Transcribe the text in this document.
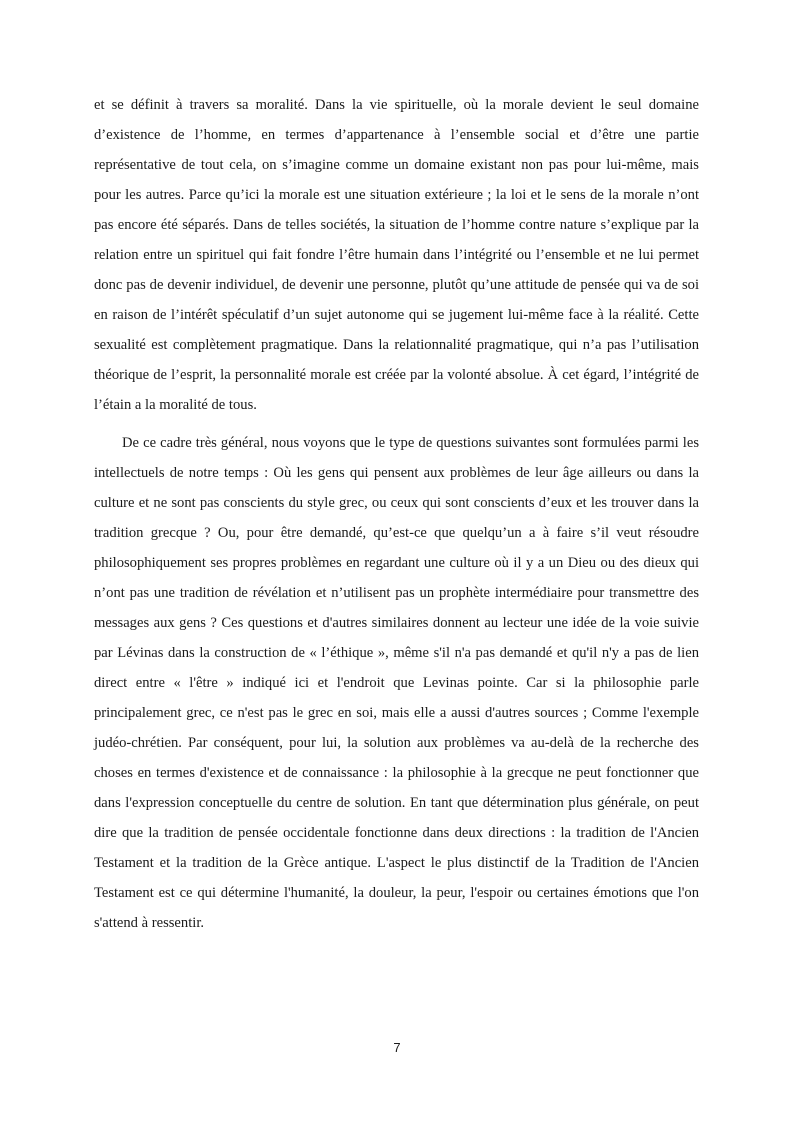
et se définit à travers sa moralité. Dans la vie spirituelle, où la morale devient le seul domaine d’existence de l’homme, en termes d’appartenance à l’ensemble social et d’être une partie représentative de tout cela, on s’imagine comme un domaine existant non pas pour lui-même, mais pour les autres. Parce qu’ici la morale est une situation extérieure ; la loi et le sens de la morale n’ont pas encore été séparés. Dans de telles sociétés, la situation de l’homme contre nature s’explique par la relation entre un spirituel qui fait fondre l’être humain dans l’intégrité ou l’ensemble et ne lui permet donc pas de devenir individuel, de devenir une personne, plutôt qu’une attitude de pensée qui va de soi en raison de l’intérêt spéculatif d’un sujet autonome qui se jugement lui-même face à la réalité. Cette sexualité est complètement pragmatique. Dans la relationnalité pragmatique, qui n’a pas l’utilisation théorique de l’esprit, la personnalité morale est créée par la volonté absolue. À cet égard, l’intégrité de l’étain a la moralité de tous.

De ce cadre très général, nous voyons que le type de questions suivantes sont formulées parmi les intellectuels de notre temps : Où les gens qui pensent aux problèmes de leur âge ailleurs ou dans la culture et ne sont pas conscients du style grec, ou ceux qui sont conscients d’eux et les trouver dans la tradition grecque ? Ou, pour être demandé, qu’est-ce que quelqu’un a à faire s’il veut résoudre philosophiquement ses propres problèmes en regardant une culture où il y a un Dieu ou des dieux qui n’ont pas une tradition de révélation et n’utilisent pas un prophète intermédiaire pour transmettre des messages aux gens ? Ces questions et d'autres similaires donnent au lecteur une idée de la voie suivie par Lévinas dans la construction de « l’éthique », même s'il n'a pas demandé et qu'il n'y a pas de lien direct entre « l'être » indiqué ici et l'endroit que Levinas pointe. Car si la philosophie parle principalement grec, ce n'est pas le grec en soi, mais elle a aussi d'autres sources ; Comme l'exemple judéo-chrétien. Par conséquent, pour lui, la solution aux problèmes va au-delà de la recherche des choses en termes d'existence et de connaissance : la philosophie à la grecque ne peut fonctionner que dans l'expression conceptuelle du centre de solution. En tant que détermination plus générale, on peut dire que la tradition de pensée occidentale fonctionne dans deux directions : la tradition de l'Ancien Testament et la tradition de la Grèce antique. L'aspect le plus distinctif de la Tradition de l'Ancien Testament est ce qui détermine l'humanité, la douleur, la peur, l'espoir ou certaines émotions que l'on s'attend à ressentir.

7
